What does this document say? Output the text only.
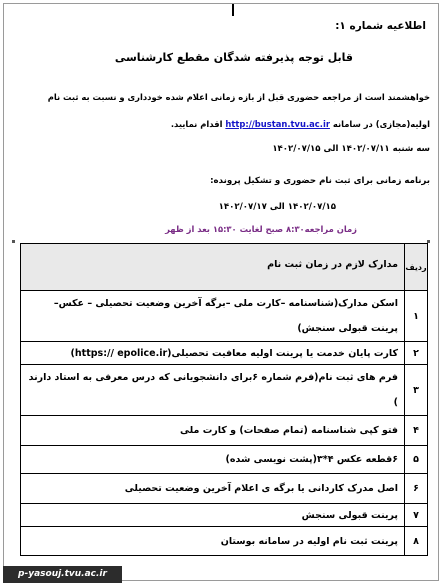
اطلاعیه شماره ۱:
قابل توجه پذیرفته شدگان مقطع کارشناسی
خواهشمند است از مراجعه حضوری قبل از بازه زمانی اعلام شده خودداری و نسبت به ثبت نام
اولیه(مجازی) در سامانه http://bustan.tvu.ac.ir اقدام نمایید.
سه شنبه ۱۴۰۲/۰۷/۱۱ الی ۱۴۰۲/۰۷/۱۵
برنامه زمانی برای ثبت نام حضوری و تشکیل پرونده:
۱۴۰۲/۰۷/۱۵ الی ۱۴۰۲/۰۷/۱۷
زمان مراجعه۸:۳۰ صبح لغایت ۱۵:۳۰ بعد از ظهر
ردیف	مدارک لازم در زمان ثبت نام

۱	اسکن مدارک(شناسنامه –کارت ملی –برگه آخرین وضعیت تحصیلی – عکس–پرینت قبولی سنجش)
۲	کارت پایان خدمت یا پرینت اولیه معافیت تحصیلی(https:// epolice.ir)
۳	فرم های ثبت نام(فرم شماره ۶برای دانشجویانی که درس معرفی به استاد دارند )
۴	فتو کپی شناسنامه (تمام صفحات) و کارت ملی
۵	۶قطعه عکس ۴*۳(پشت نویسی شده)
۶	اصل مدرک کاردانی یا برگه ی اعلام آخرین وضعیت تحصیلی
۷	پرینت قبولی سنجش
۸	پرینت ثبت نام اولیه در سامانه بوستان
p-yasouj.tvu.ac.ir
